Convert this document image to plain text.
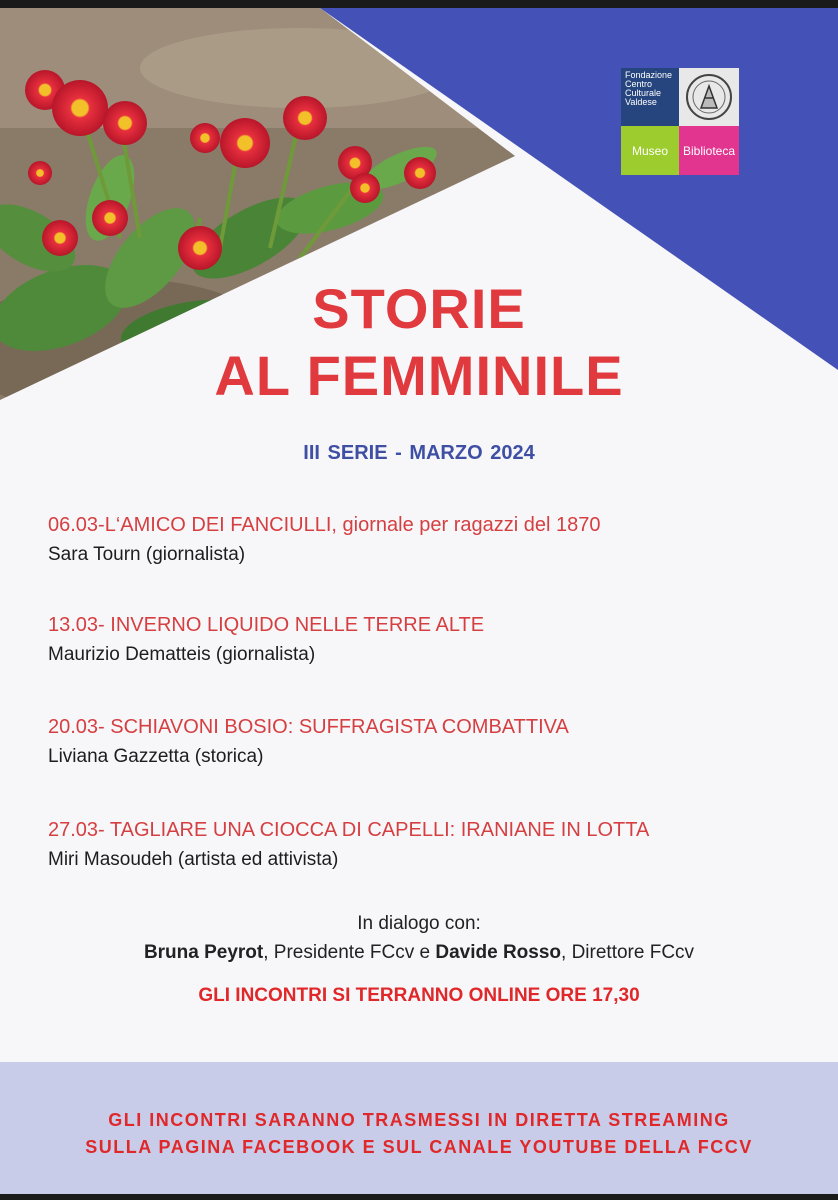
Fondazione
Centro
Culturale
Valdese
Museo	Biblioteca
STORIE
AL FEMMINILE
III SERIE - MARZO 2024
06.03-L‘AMICO DEI FANCIULLI, giornale per ragazzi del 1870
Sara Tourn (giornalista)
13.03- INVERNO LIQUIDO NELLE TERRE ALTE
Maurizio Dematteis (giornalista)
20.03- SCHIAVONI BOSIO: SUFFRAGISTA COMBATTIVA
Liviana Gazzetta (storica)
27.03- TAGLIARE UNA CIOCCA DI CAPELLI: IRANIANE IN LOTTA
Miri Masoudeh (artista ed attivista)
In dialogo con:
Bruna Peyrot, Presidente FCcv e Davide Rosso, Direttore FCcv
GLI INCONTRI SI TERRANNO ONLINE ORE 17,30
GLI INCONTRI SARANNO TRASMESSI IN DIRETTA STREAMING
SULLA PAGINA FACEBOOK E SUL CANALE YOUTUBE DELLA FCCV
